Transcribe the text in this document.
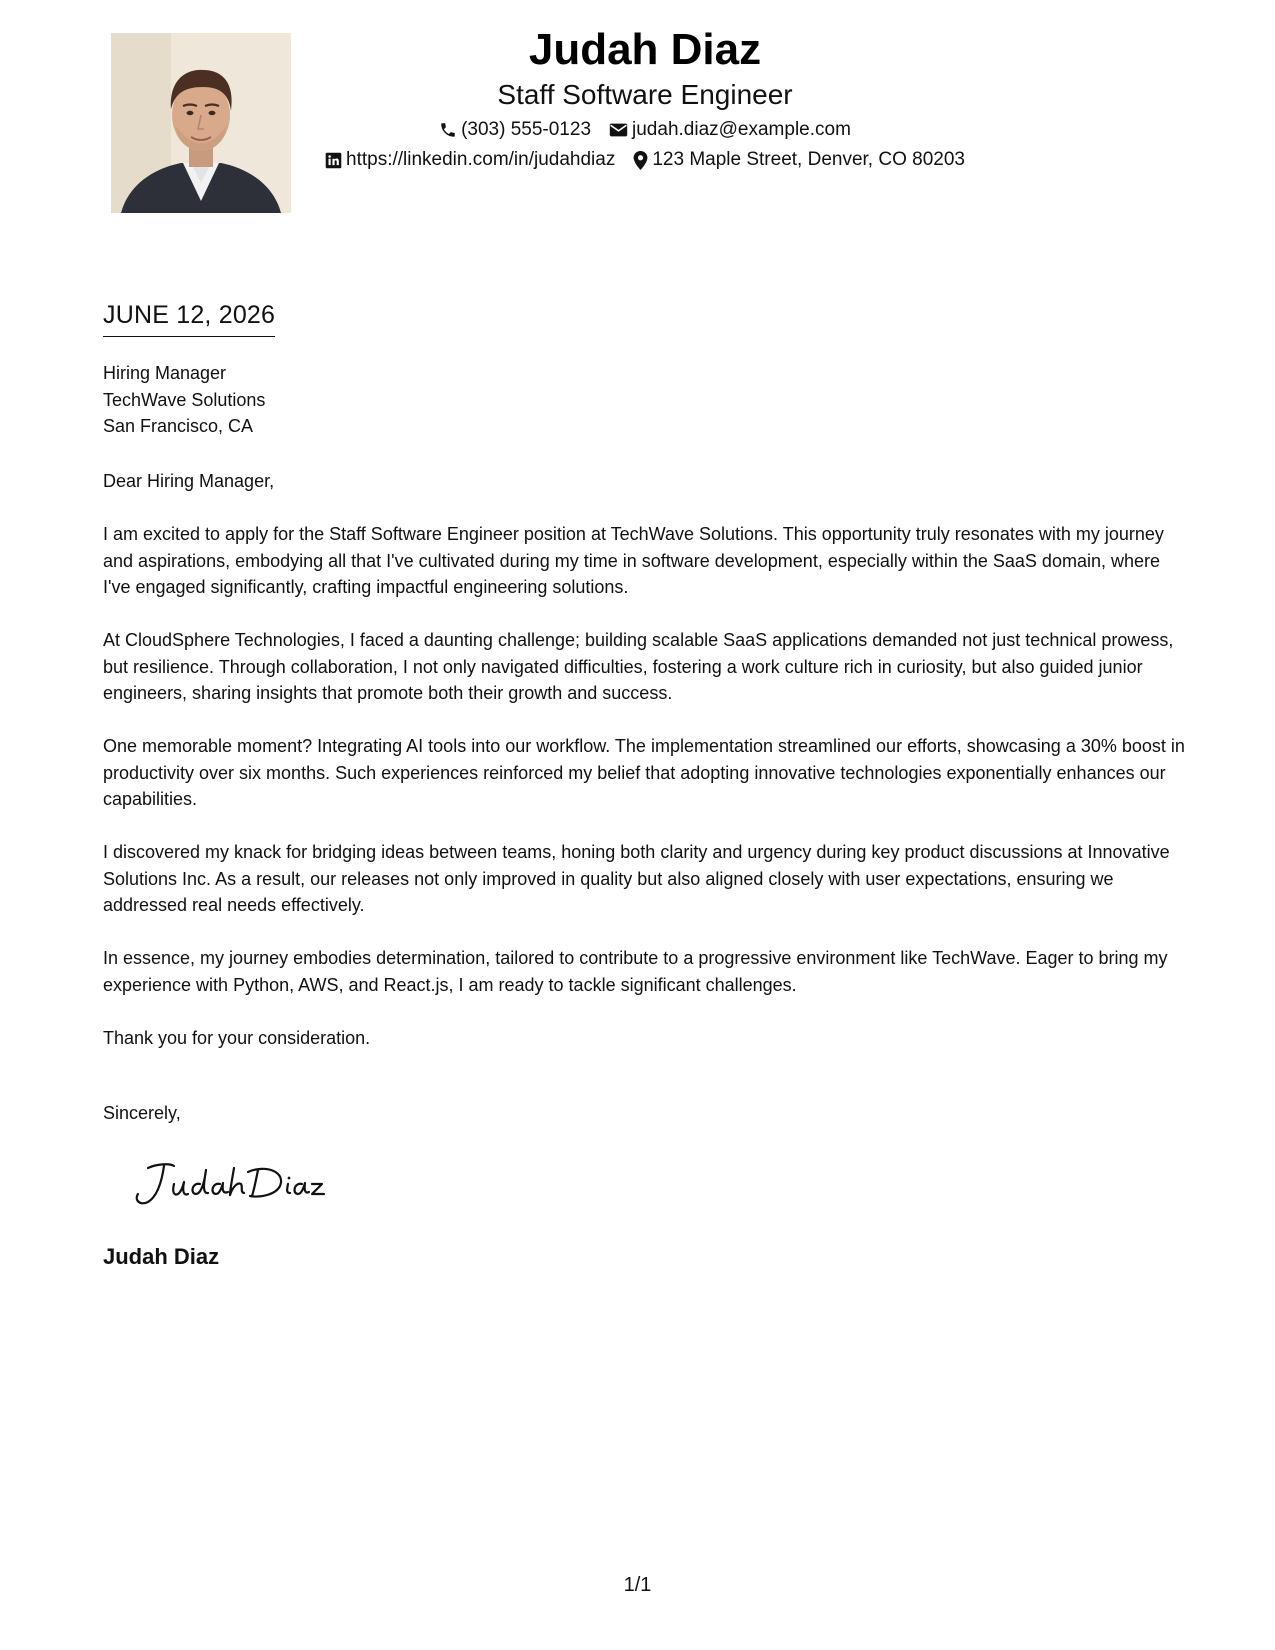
Judah Diaz
Staff Software Engineer
(303) 555-0123 judah.diaz@example.com
https://linkedin.com/in/judahdiaz 123 Maple Street, Denver, CO 80203
JUNE 12, 2026
Hiring Manager
TechWave Solutions
San Francisco, CA

Dear Hiring Manager,

I am excited to apply for the Staff Software Engineer position at TechWave Solutions. This opportunity truly resonates with my journey and aspirations, embodying all that I've cultivated during my time in software development, especially within the SaaS domain, where I've engaged significantly, crafting impactful engineering solutions.

At CloudSphere Technologies, I faced a daunting challenge; building scalable SaaS applications demanded not just technical prowess, but resilience. Through collaboration, I not only navigated difficulties, fostering a work culture rich in curiosity, but also guided junior engineers, sharing insights that promote both their growth and success.

One memorable moment? Integrating AI tools into our workflow. The implementation streamlined our efforts, showcasing a 30% boost in productivity over six months. Such experiences reinforced my belief that adopting innovative technologies exponentially enhances our capabilities.

I discovered my knack for bridging ideas between teams, honing both clarity and urgency during key product discussions at Innovative Solutions Inc. As a result, our releases not only improved in quality but also aligned closely with user expectations, ensuring we addressed real needs effectively.

In essence, my journey embodies determination, tailored to contribute to a progressive environment like TechWave. Eager to bring my experience with Python, AWS, and React.js, I am ready to tackle significant challenges.

Thank you for your consideration.

Sincerely,
Judah Diaz
1/1
